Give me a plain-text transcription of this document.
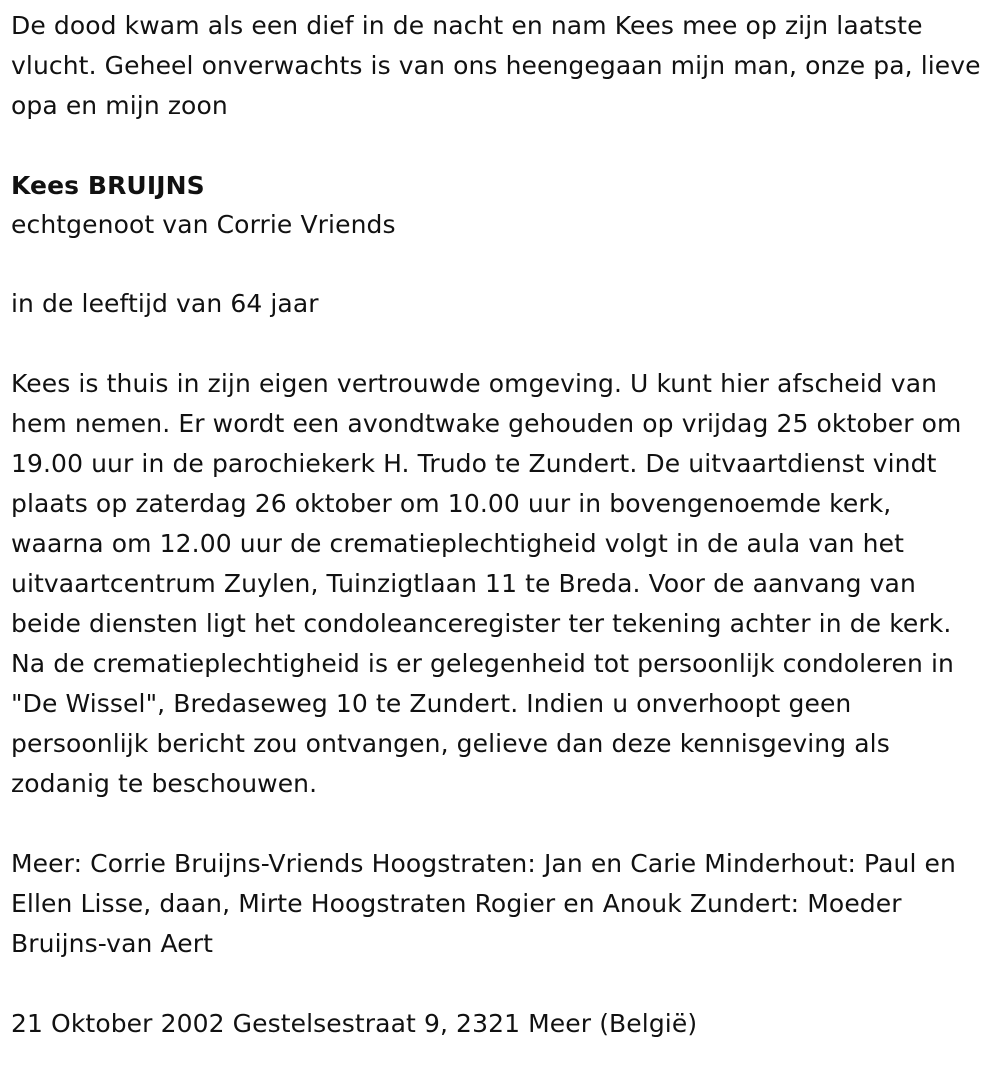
De dood kwam als een dief in de nacht en nam Kees mee op zijn laatste vlucht. Geheel onverwachts is van ons heengegaan mijn man, onze pa, lieve opa en mijn zoon

Kees BRUIJNS

echtgenoot van Corrie Vriends

in de leeftijd van 64 jaar

Kees is thuis in zijn eigen vertrouwde omgeving. U kunt hier afscheid van hem nemen. Er wordt een avondtwake gehouden op vrijdag 25 oktober om 19.00 uur in de parochiekerk H. Trudo te Zundert. De uitvaartdienst vindt plaats op zaterdag 26 oktober om 10.00 uur in bovengenoemde kerk, waarna om 12.00 uur de crematieplechtigheid volgt in de aula van het uitvaartcentrum Zuylen, Tuinzigtlaan 11 te Breda. Voor de aanvang van beide diensten ligt het condoleanceregister ter tekening achter in de kerk. Na de crematieplechtigheid is er gelegenheid tot persoonlijk condoleren in "De Wissel", Bredaseweg 10 te Zundert. Indien u onverhoopt geen persoonlijk bericht zou ontvangen, gelieve dan deze kennisgeving als zodanig te beschouwen.

Meer: Corrie Bruijns-Vriends Hoogstraten: Jan en Carie Minderhout: Paul en Ellen Lisse, daan, Mirte Hoogstraten Rogier en Anouk Zundert: Moeder Bruijns-van Aert

21 Oktober 2002 Gestelsestraat 9, 2321 Meer (België)
